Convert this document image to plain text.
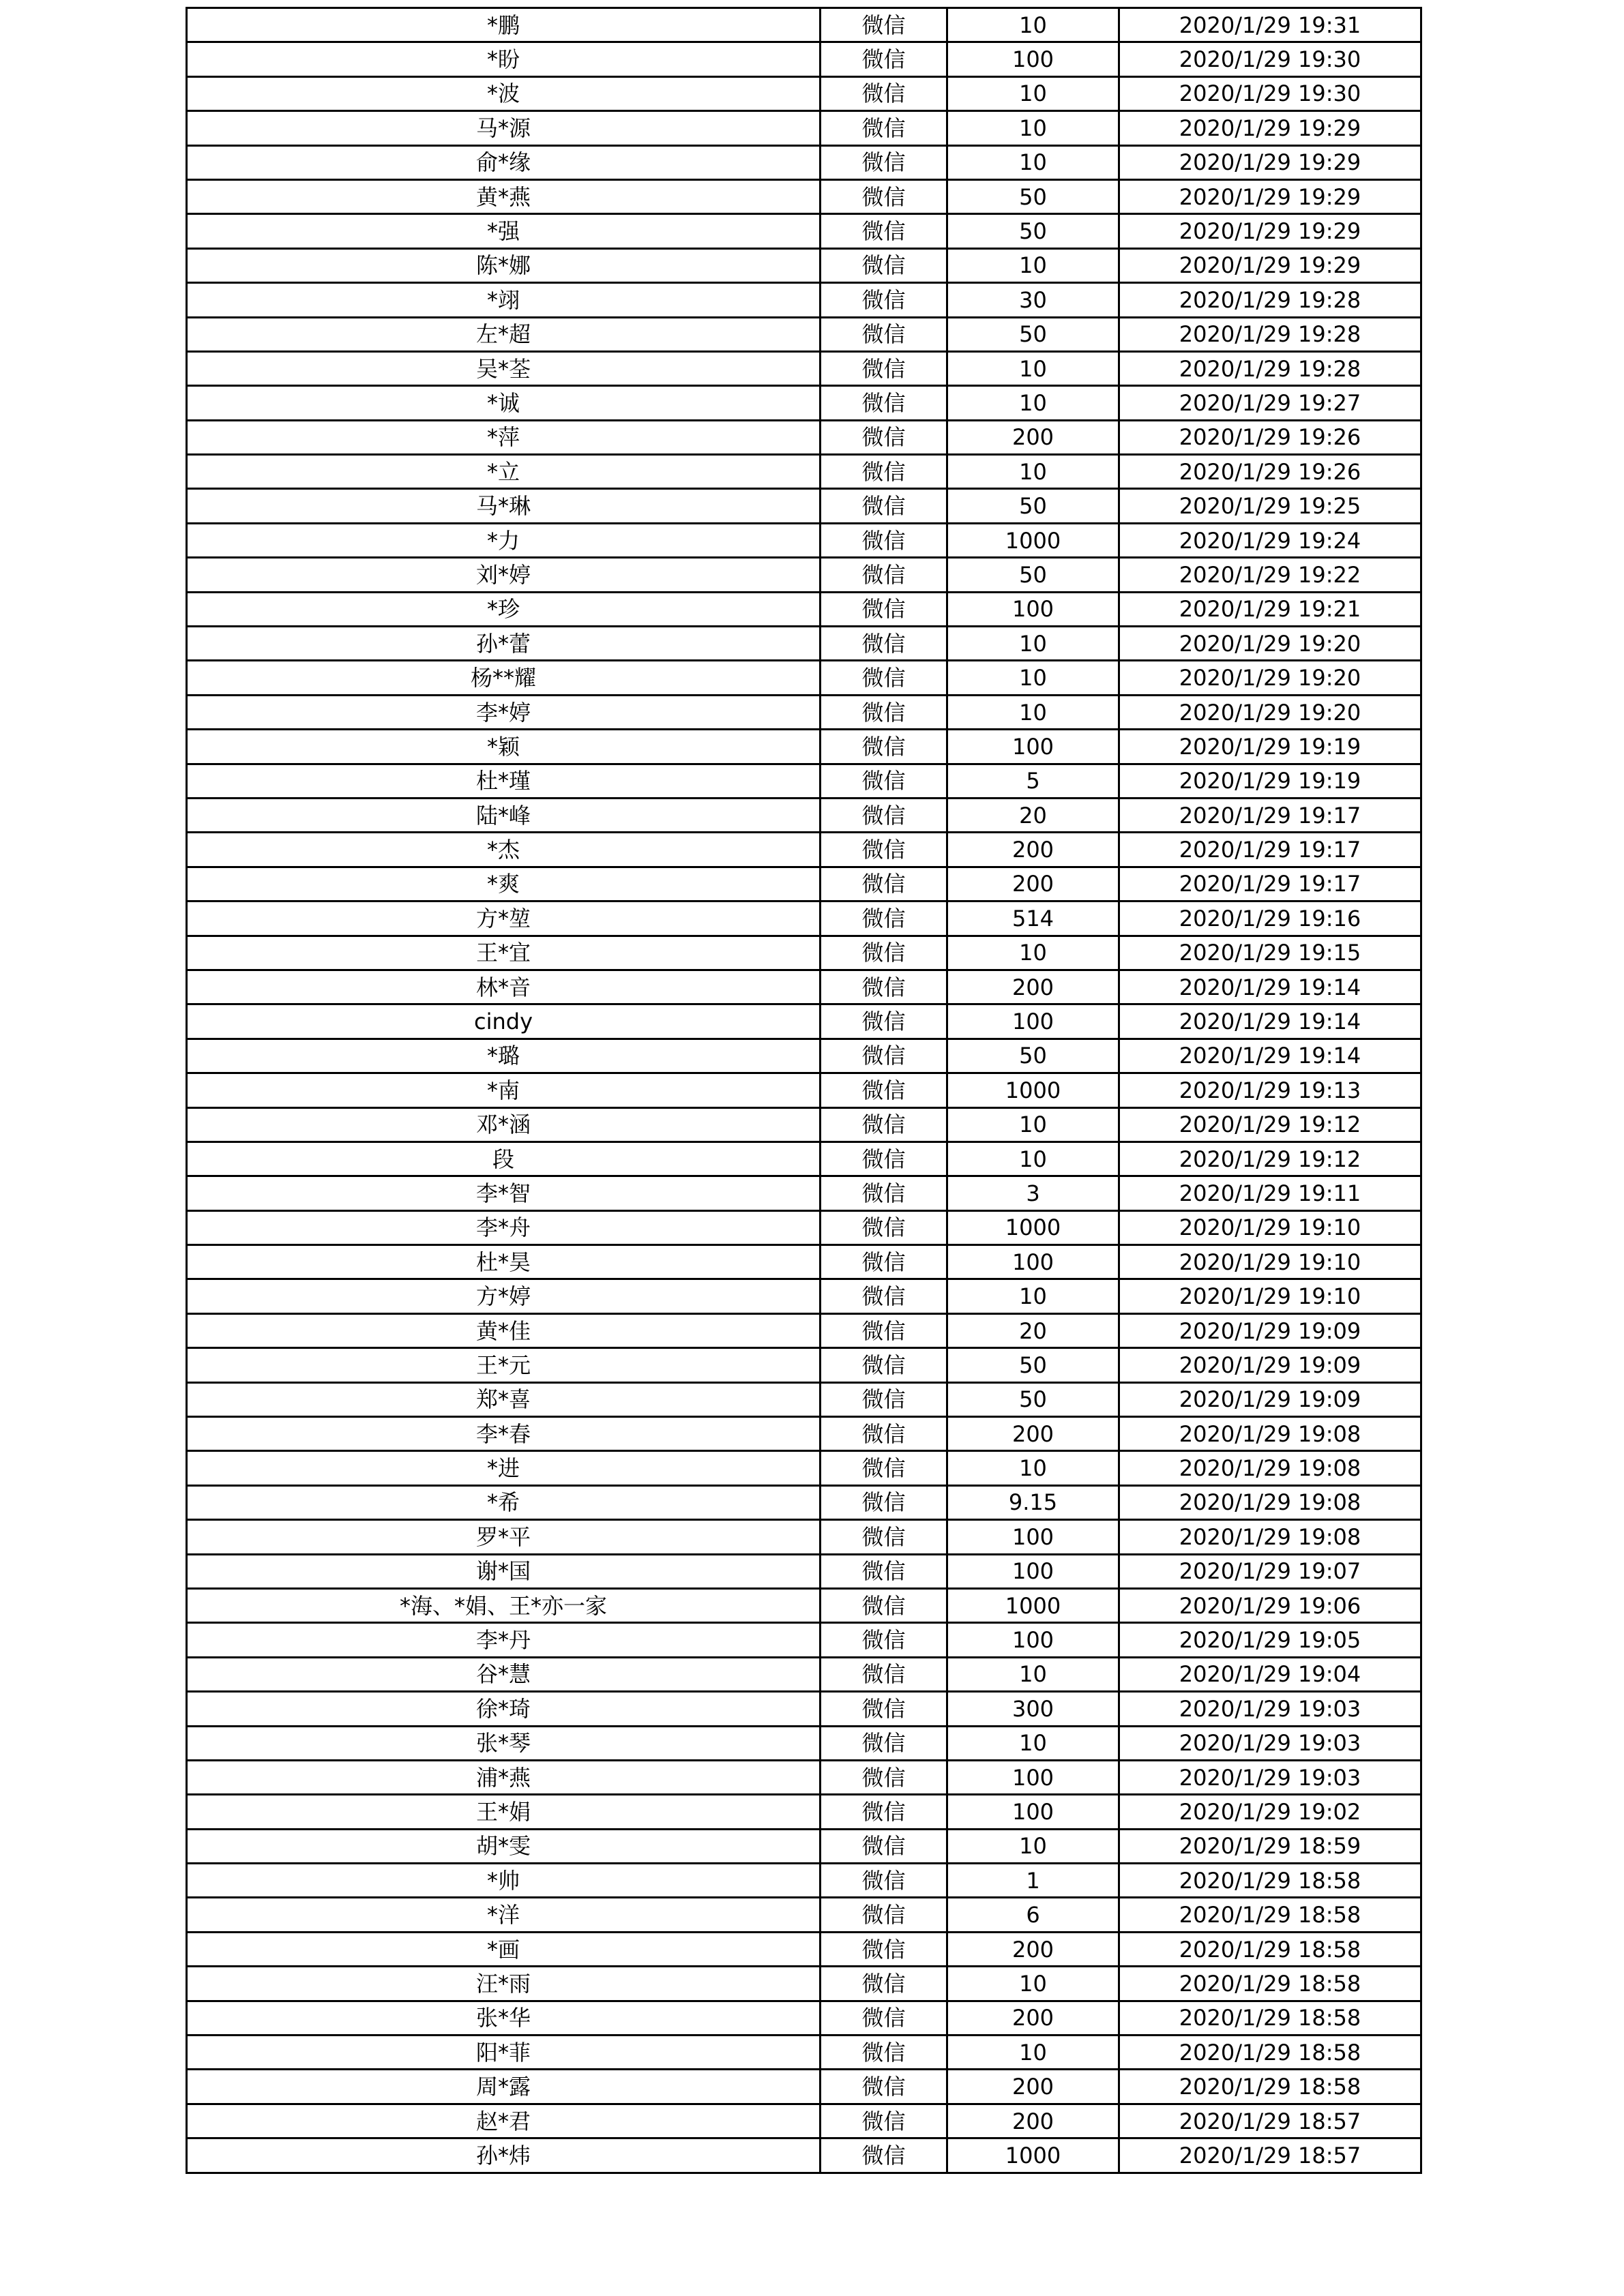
*鹏	微信	10	2020/1/29 19:31
*盼	微信	100	2020/1/29 19:30
*波	微信	10	2020/1/29 19:30
马*源	微信	10	2020/1/29 19:29
俞*缘	微信	10	2020/1/29 19:29
黄*燕	微信	50	2020/1/29 19:29
*强	微信	50	2020/1/29 19:29
陈*娜	微信	10	2020/1/29 19:29
*翊	微信	30	2020/1/29 19:28
左*超	微信	50	2020/1/29 19:28
吴*荃	微信	10	2020/1/29 19:28
*诚	微信	10	2020/1/29 19:27
*萍	微信	200	2020/1/29 19:26
*立	微信	10	2020/1/29 19:26
马*琳	微信	50	2020/1/29 19:25
*力	微信	1000	2020/1/29 19:24
刘*婷	微信	50	2020/1/29 19:22
*珍	微信	100	2020/1/29 19:21
孙*蕾	微信	10	2020/1/29 19:20
杨**耀	微信	10	2020/1/29 19:20
李*婷	微信	10	2020/1/29 19:20
*颖	微信	100	2020/1/29 19:19
杜*瑾	微信	5	2020/1/29 19:19
陆*峰	微信	20	2020/1/29 19:17
*杰	微信	200	2020/1/29 19:17
*爽	微信	200	2020/1/29 19:17
方*堃	微信	514	2020/1/29 19:16
王*宜	微信	10	2020/1/29 19:15
林*音	微信	200	2020/1/29 19:14
cindy	微信	100	2020/1/29 19:14
*璐	微信	50	2020/1/29 19:14
*南	微信	1000	2020/1/29 19:13
邓*涵	微信	10	2020/1/29 19:12
段	微信	10	2020/1/29 19:12
李*智	微信	3	2020/1/29 19:11
李*舟	微信	1000	2020/1/29 19:10
杜*昊	微信	100	2020/1/29 19:10
方*婷	微信	10	2020/1/29 19:10
黄*佳	微信	20	2020/1/29 19:09
王*元	微信	50	2020/1/29 19:09
郑*喜	微信	50	2020/1/29 19:09
李*春	微信	200	2020/1/29 19:08
*进	微信	10	2020/1/29 19:08
*希	微信	9.15	2020/1/29 19:08
罗*平	微信	100	2020/1/29 19:08
谢*国	微信	100	2020/1/29 19:07
*海、*娟、王*亦一家	微信	1000	2020/1/29 19:06
李*丹	微信	100	2020/1/29 19:05
谷*慧	微信	10	2020/1/29 19:04
徐*琦	微信	300	2020/1/29 19:03
张*琴	微信	10	2020/1/29 19:03
浦*燕	微信	100	2020/1/29 19:03
王*娟	微信	100	2020/1/29 19:02
胡*雯	微信	10	2020/1/29 18:59
*帅	微信	1	2020/1/29 18:58
*洋	微信	6	2020/1/29 18:58
*画	微信	200	2020/1/29 18:58
汪*雨	微信	10	2020/1/29 18:58
张*华	微信	200	2020/1/29 18:58
阳*菲	微信	10	2020/1/29 18:58
周*露	微信	200	2020/1/29 18:58
赵*君	微信	200	2020/1/29 18:57
孙*炜	微信	1000	2020/1/29 18:57
